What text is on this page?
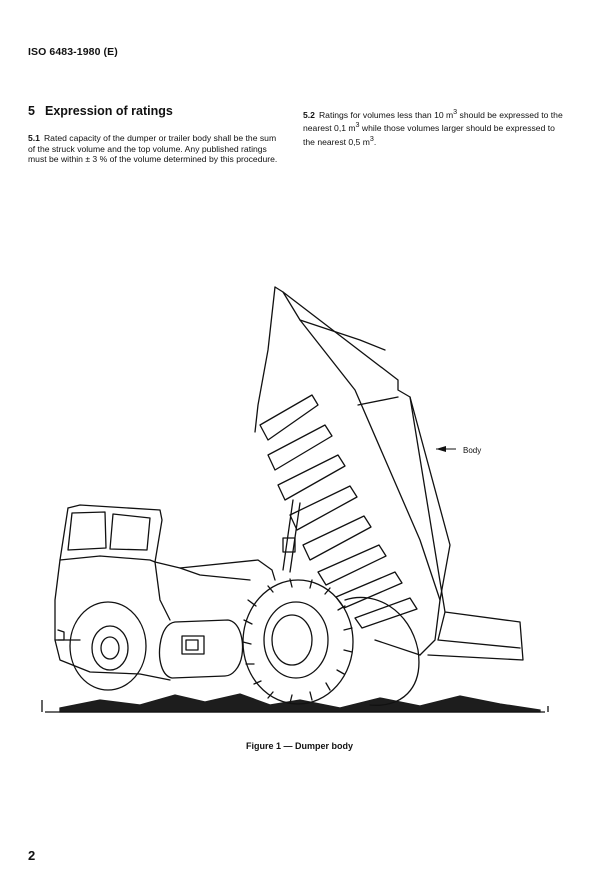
ISO 6483-1980 (E)
5 Expression of ratings
5.1 Rated capacity of the dumper or trailer body shall be the sum of the struck volume and the top volume. Any published ratings must be within ± 3 % of the volume determined by this procedure.
5.2 Ratings for volumes less than 10 $m^3$ should be expressed to the nearest 0,1 $m^3$ while those volumes larger should be expressed to the nearest 0,5 $m^3$.
Body
Figure 1 — Dumper body
2
